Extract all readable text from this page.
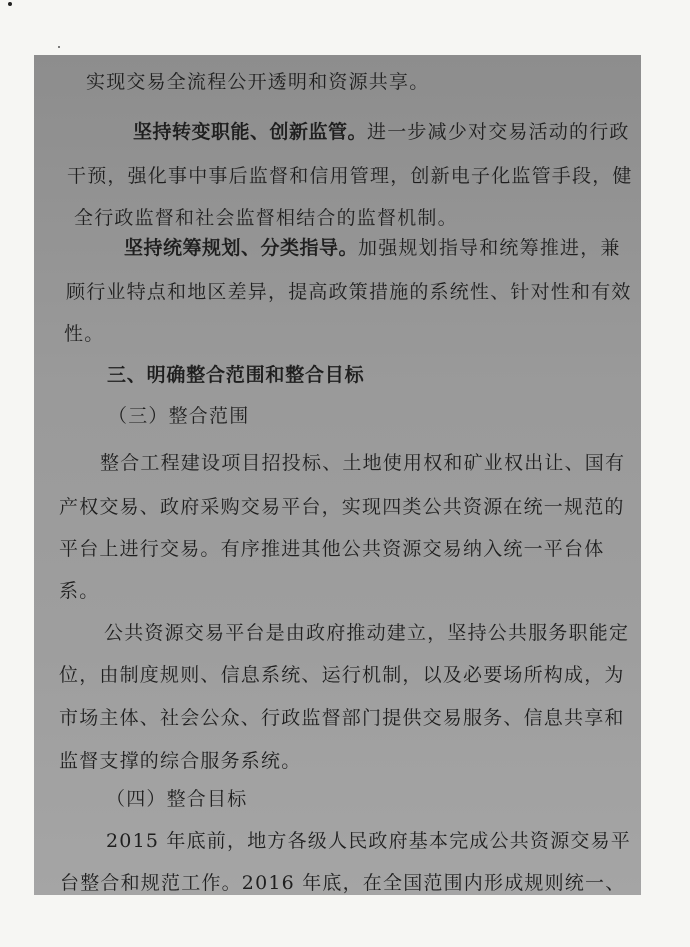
实现交易全流程公开透明和资源共享。
坚持转变职能、创新监管。进一步减少对交易活动的行政
干预，强化事中事后监督和信用管理，创新电子化监管手段，健
全行政监督和社会监督相结合的监督机制。
坚持统筹规划、分类指导。加强规划指导和统筹推进，兼
顾行业特点和地区差异，提高政策措施的系统性、针对性和有效
性。
三、明确整合范围和整合目标
（三）整合范围
整合工程建设项目招投标、土地使用权和矿业权出让、国有
产权交易、政府采购交易平台，实现四类公共资源在统一规范的
平台上进行交易。有序推进其他公共资源交易纳入统一平台体
系。
公共资源交易平台是由政府推动建立，坚持公共服务职能定
位，由制度规则、信息系统、运行机制，以及必要场所构成，为
市场主体、社会公众、行政监督部门提供交易服务、信息共享和
监督支撑的综合服务系统。
（四）整合目标
2015 年底前，地方各级人民政府基本完成公共资源交易平
台整合和规范工作。2016 年底，在全国范围内形成规则统一、
